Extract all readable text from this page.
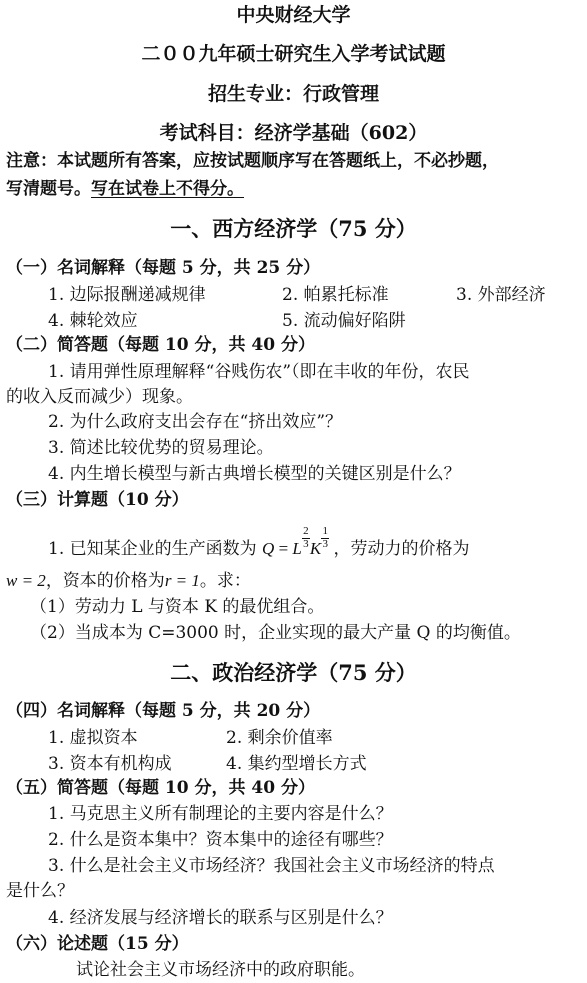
中央财经大学
二００九年硕士研究生入学考试试题
招生专业：行政管理
考试科目：经济学基础（602）
注意：本试题所有答案，应按试题顺序写在答题纸上，不必抄题，
写清题号。写在试卷上不得分。
一、西方经济学（75 分）
（一）名词解释（每题 5 分，共 25 分）
1. 边际报酬递减规律	2. 帕累托标准	3. 外部经济
4. 棘轮效应	5. 流动偏好陷阱
（二）简答题（每题 10 分，共 40 分）
1. 请用弹性原理解释“谷贱伤农”（即在丰收的年份，农民
的收入反而减少）现象。
2. 为什么政府支出会存在“挤出效应”？
3. 简述比较优势的贸易理论。
4. 内生增长模型与新古典增长模型的关键区别是什么？
（三）计算题（10 分）
1. 已知某企业的生产函数为 $Q = L\frac{2}{3}K\frac{1}{3}$ ，劳动力的价格为
w = 2，资本的价格为r = 1。求：
（1）劳动力 L 与资本 K 的最优组合。
（2）当成本为 C=3000 时，企业实现的最大产量 Q 的均衡值。
二、政治经济学（75 分）
（四）名词解释（每题 5 分，共 20 分）
1. 虚拟资本	2. 剩余价值率
3. 资本有机构成	4. 集约型增长方式
（五）简答题（每题 10 分，共 40 分）
1. 马克思主义所有制理论的主要内容是什么？
2. 什么是资本集中？资本集中的途径有哪些？
3. 什么是社会主义市场经济？我国社会主义市场经济的特点
是什么？
4. 经济发展与经济增长的联系与区别是什么？
（六）论述题（15 分）
试论社会主义市场经济中的政府职能。
